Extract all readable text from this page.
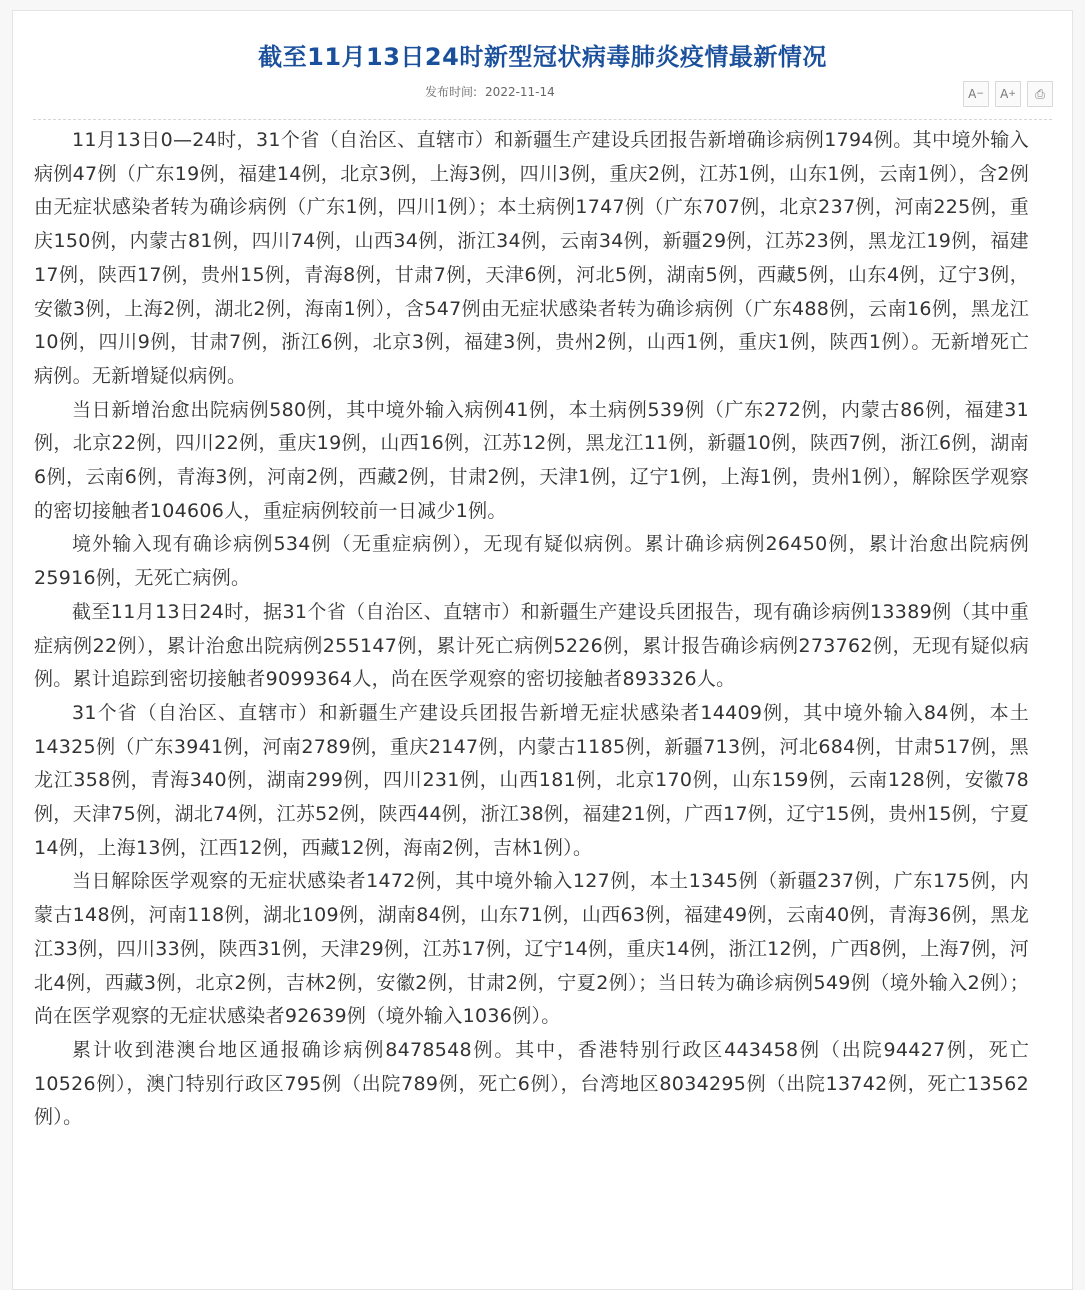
截至11月13日24时新型冠状病毒肺炎疫情最新情况
发布时间: 2022-11-14	A − A + ⎙

11月13日0—24时，31个省（自治区、直辖市）和新疆生产建设兵团报告新增确诊病例1794例。其中境外输入病例47例（广东19例，福建14例，北京3例，上海3例，四川3例，重庆2例，江苏1例，山东1例，云南1例），含2例由无症状感染者转为确诊病例（广东1例，四川1例）；本土病例1747例（广东707例，北京237例，河南225例，重庆150例，内蒙古81例，四川74例，山西34例，浙江34例，云南34例，新疆29例，江苏23例，黑龙江19例，福建17例，陕西17例，贵州15例，青海8例，甘肃7例，天津6例，河北5例，湖南5例，西藏5例，山东4例，辽宁3例，安徽3例，上海2例，湖北2例，海南1例），含547例由无症状感染者转为确诊病例（广东488例，云南16例，黑龙江10例，四川9例，甘肃7例，浙江6例，北京3例，福建3例，贵州2例，山西1例，重庆1例，陕西1例）。无新增死亡病例。无新增疑似病例。

当日新增治愈出院病例580例，其中境外输入病例41例，本土病例539例（广东272例，内蒙古86例，福建31例，北京22例，四川22例，重庆19例，山西16例，江苏12例，黑龙江11例，新疆10例，陕西7例，浙江6例，湖南6例，云南6例，青海3例，河南2例，西藏2例，甘肃2例，天津1例，辽宁1例，上海1例，贵州1例），解除医学观察的密切接触者104606人，重症病例较前一日减少1例。

境外输入现有确诊病例534例（无重症病例），无现有疑似病例。累计确诊病例26450例，累计治愈出院病例25916例，无死亡病例。

截至11月13日24时，据31个省（自治区、直辖市）和新疆生产建设兵团报告，现有确诊病例13389例（其中重症病例22例），累计治愈出院病例255147例，累计死亡病例5226例，累计报告确诊病例273762例，无现有疑似病例。累计追踪到密切接触者9099364人，尚在医学观察的密切接触者893326人。

31个省（自治区、直辖市）和新疆生产建设兵团报告新增无症状感染者14409例，其中境外输入84例，本土14325例（广东3941例，河南2789例，重庆2147例，内蒙古1185例，新疆713例，河北684例，甘肃517例，黑龙江358例，青海340例，湖南299例，四川231例，山西181例，北京170例，山东159例，云南128例，安徽78例，天津75例，湖北74例，江苏52例，陕西44例，浙江38例，福建21例，广西17例，辽宁15例，贵州15例，宁夏14例，上海13例，江西12例，西藏12例，海南2例，吉林1例）。

当日解除医学观察的无症状感染者1472例，其中境外输入127例，本土1345例（新疆237例，广东175例，内蒙古148例，河南118例，湖北109例，湖南84例，山东71例，山西63例，福建49例，云南40例，青海36例，黑龙江33例，四川33例，陕西31例，天津29例，江苏17例，辽宁14例，重庆14例，浙江12例，广西8例，上海7例，河北4例，西藏3例，北京2例，吉林2例，安徽2例，甘肃2例，宁夏2例）；当日转为确诊病例549例（境外输入2例）；尚在医学观察的无症状感染者92639例（境外输入1036例）。

累计收到港澳台地区通报确诊病例8478548例。其中，香港特别行政区443458例（出院94427例，死亡10526例），澳门特别行政区795例（出院789例，死亡6例），台湾地区8034295例（出院13742例，死亡13562例）。
